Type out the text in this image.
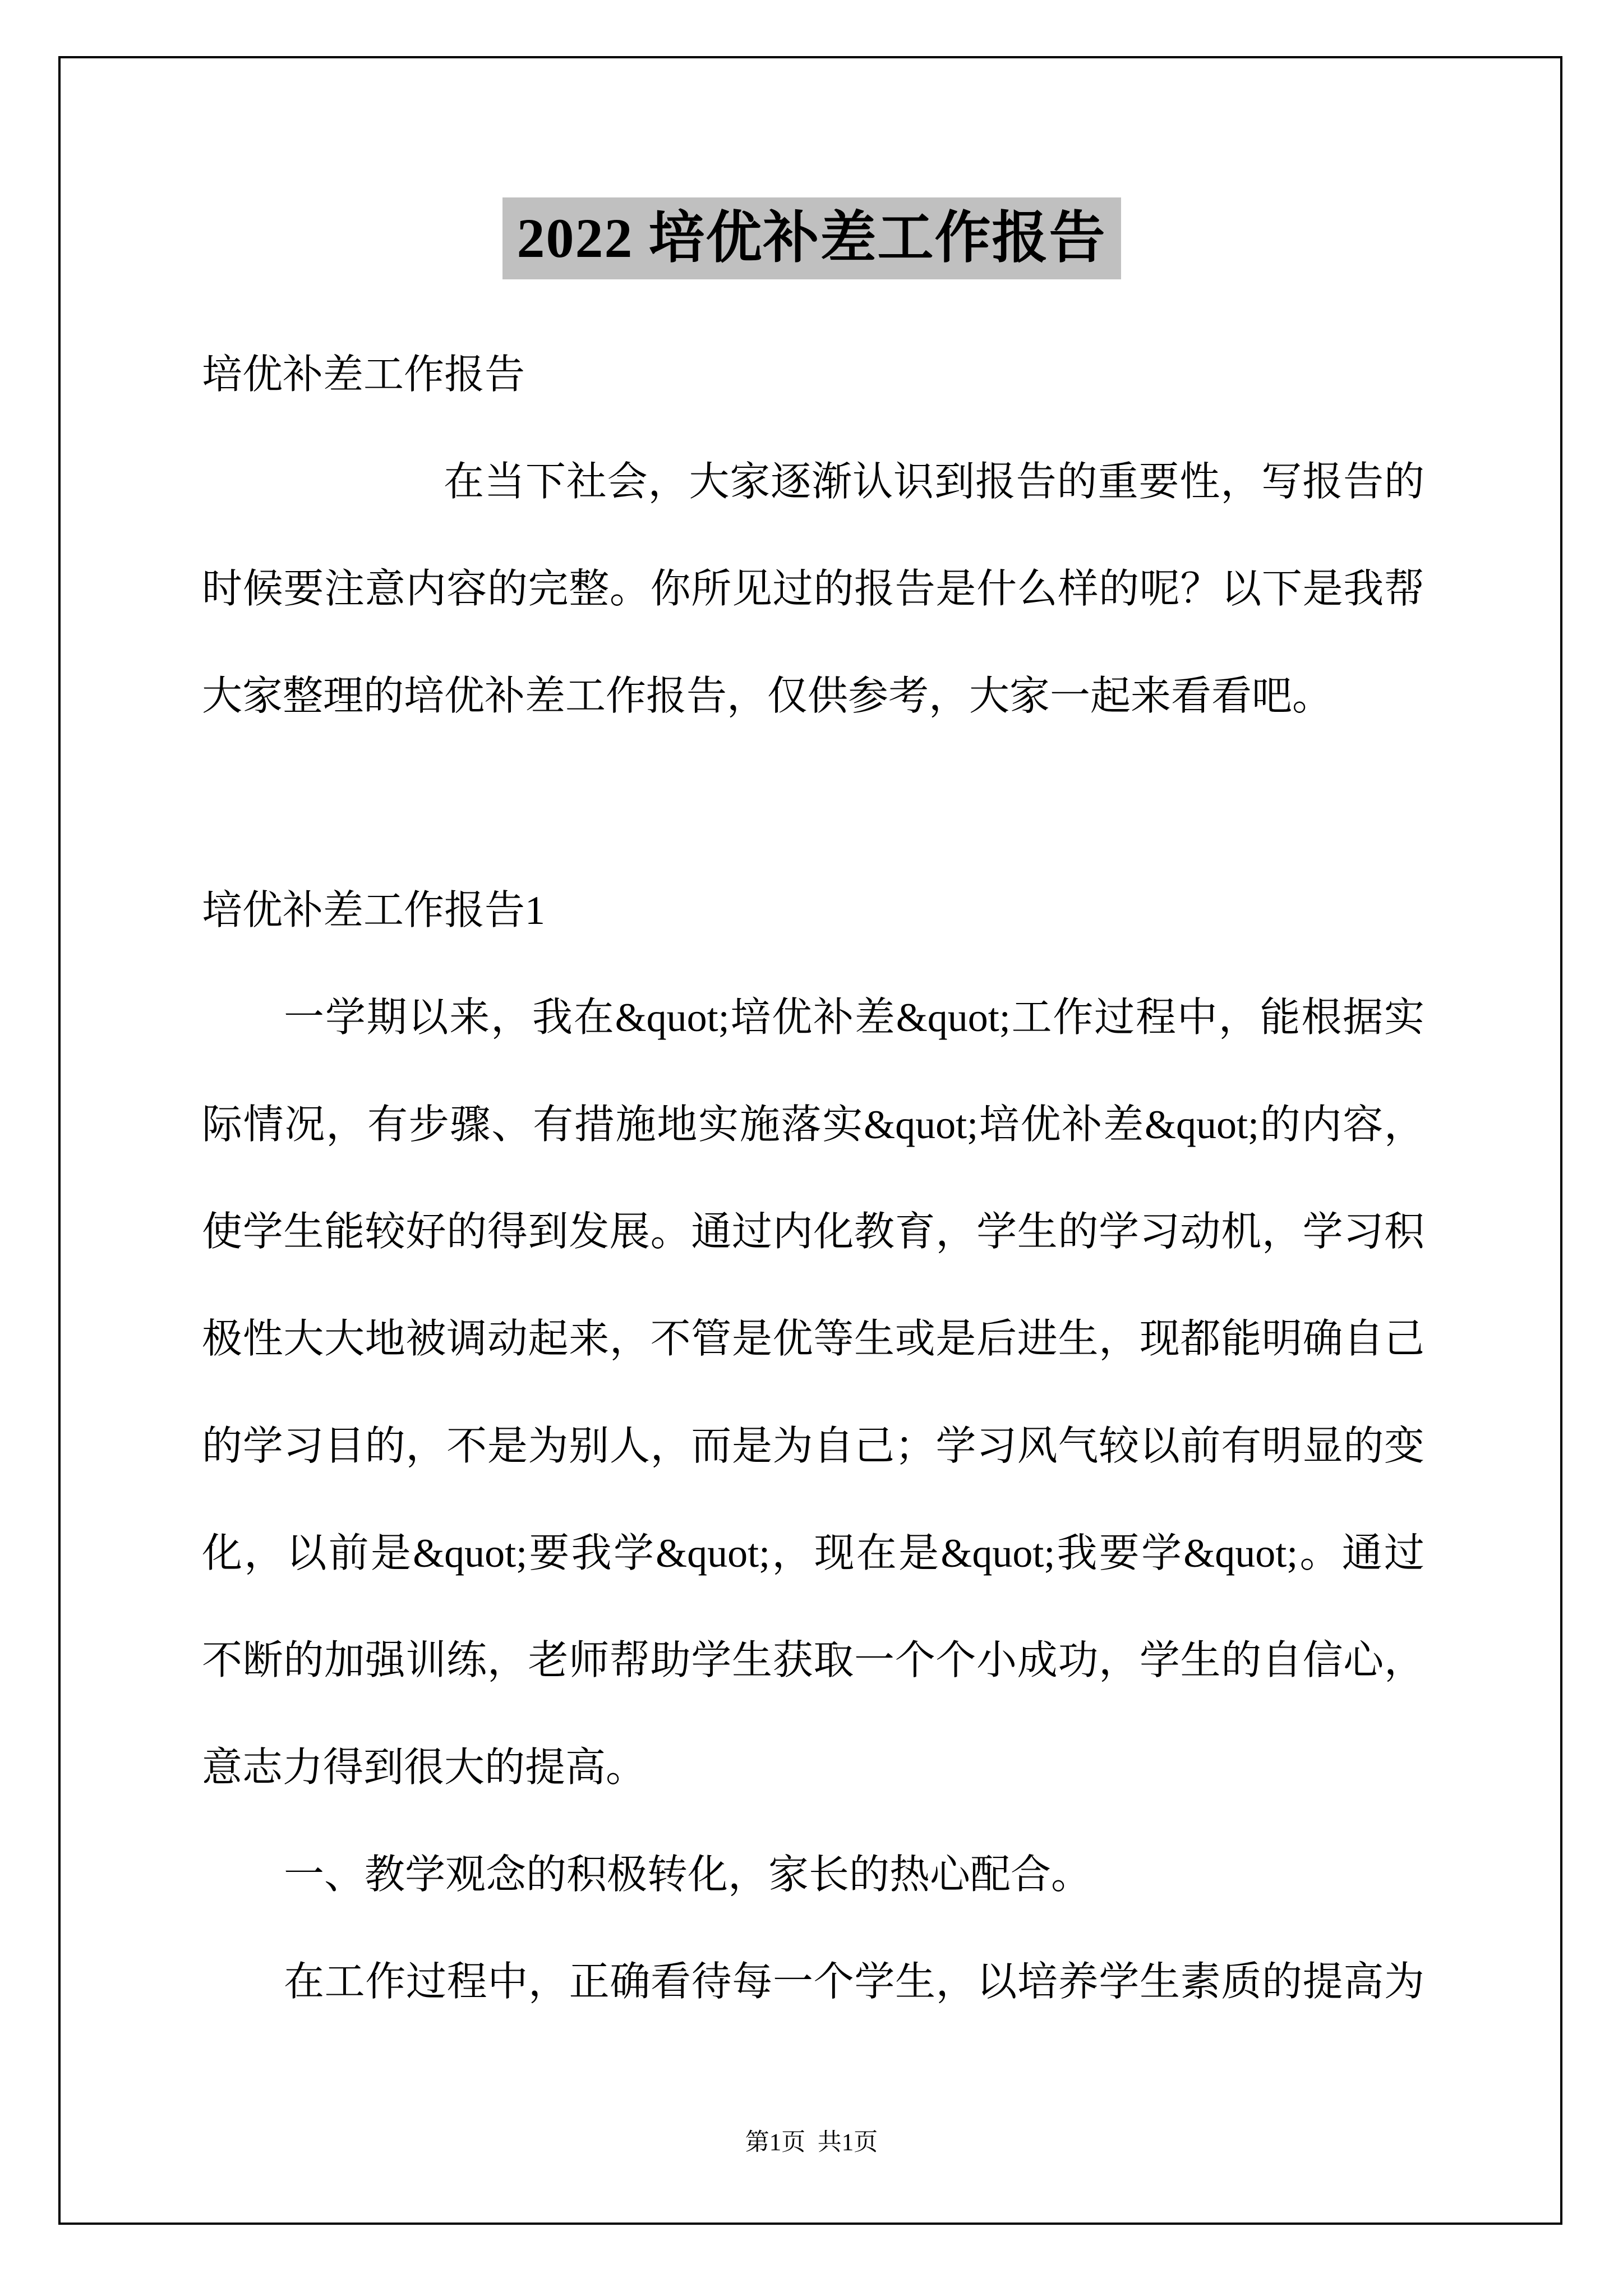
2022 培优补差工作报告
培优补差工作报告
在当下社会，大家逐渐认识到报告的重要性，写报告的
时候要注意内容的完整。你所见过的报告是什么样的呢？以下是我帮
大家整理的培优补差工作报告，仅供参考，大家一起来看看吧。
培优补差工作报告1
一学期以来，我在&quot;培优补差&quot;工作过程中，能根据实
际情况，有步骤、有措施地实施落实&quot;培优补差&quot;的内容，
使学生能较好的得到发展。通过内化教育，学生的学习动机，学习积
极性大大地被调动起来，不管是优等生或是后进生，现都能明确自己
的学习目的，不是为别人，而是为自己；学习风气较以前有明显的变
化，以前是&quot;要我学&quot;，现在是&quot;我要学&quot;。通过
不断的加强训练，老师帮助学生获取一个个小成功，学生的自信心，
意志力得到很大的提高。
一、教学观念的积极转化，家长的热心配合。
在工作过程中，正确看待每一个学生，以培养学生素质的提高为
第1页  共1页
